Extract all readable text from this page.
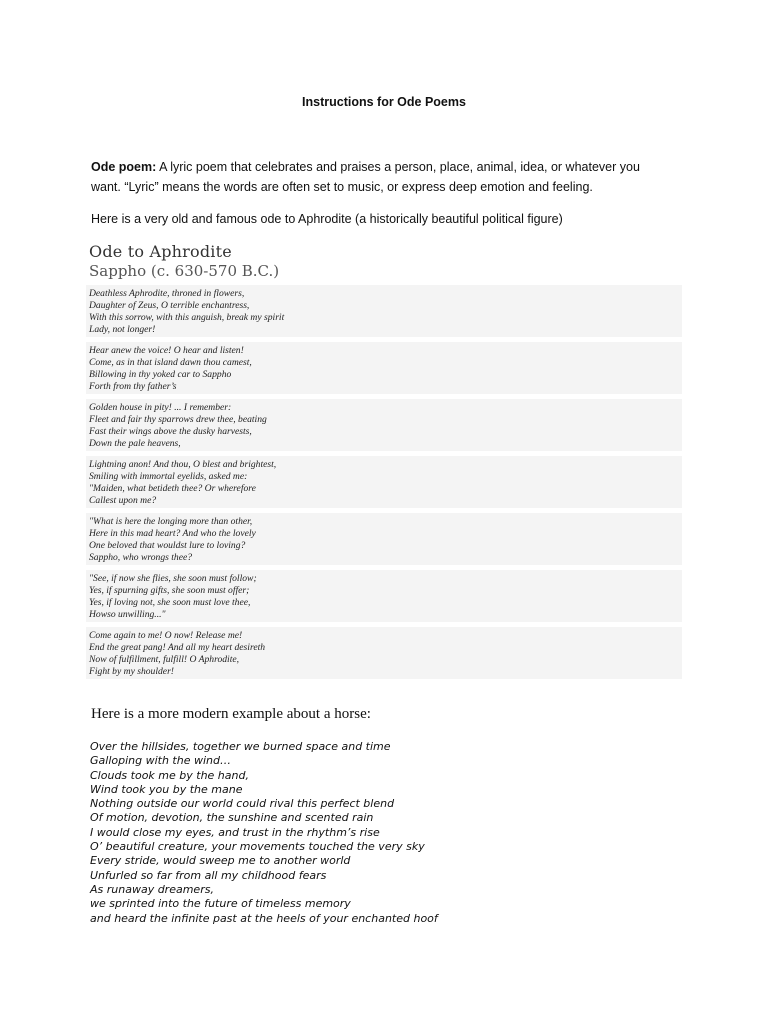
Instructions for Ode Poems
Ode poem: A lyric poem that celebrates and praises a person, place, animal, idea, or whatever you want. “Lyric” means the words are often set to music, or express deep emotion and feeling.
Here is a very old and famous ode to Aphrodite (a historically beautiful political figure)
Ode to Aphrodite
Sappho (c. 630-570 B.C.)
Deathless Aphrodite, throned in flowers,
Daughter of Zeus, O terrible enchantress,
With this sorrow, with this anguish, break my spirit
Lady, not longer!
Hear anew the voice! O hear and listen!
Come, as in that island dawn thou camest,
Billowing in thy yoked car to Sappho
Forth from thy father’s
Golden house in pity! ... I remember:
Fleet and fair thy sparrows drew thee, beating
Fast their wings above the dusky harvests,
Down the pale heavens,
Lightning anon! And thou, O blest and brightest,
Smiling with immortal eyelids, asked me:
"Maiden, what betideth thee? Or wherefore
Callest upon me?
"What is here the longing more than other,
Here in this mad heart? And who the lovely
One beloved that wouldst lure to loving?
Sappho, who wrongs thee?
"See, if now she flies, she soon must follow;
Yes, if spurning gifts, she soon must offer;
Yes, if loving not, she soon must love thee,
Howso unwilling..."
Come again to me! O now! Release me!
End the great pang! And all my heart desireth
Now of fulfillment, fulfill! O Aphrodite,
Fight by my shoulder!
Here is a more modern example about a horse:
Over the hillsides, together we burned space and time
Galloping with the wind…
Clouds took me by the hand,
Wind took you by the mane
Nothing outside our world could rival this perfect blend
Of motion, devotion, the sunshine and scented rain
I would close my eyes, and trust in the rhythm’s rise
O’ beautiful creature, your movements touched the very sky
Every stride, would sweep me to another world
Unfurled so far from all my childhood fears
As runaway dreamers,
we sprinted into the future of timeless memory
and heard the infinite past at the heels of your enchanted hoof
